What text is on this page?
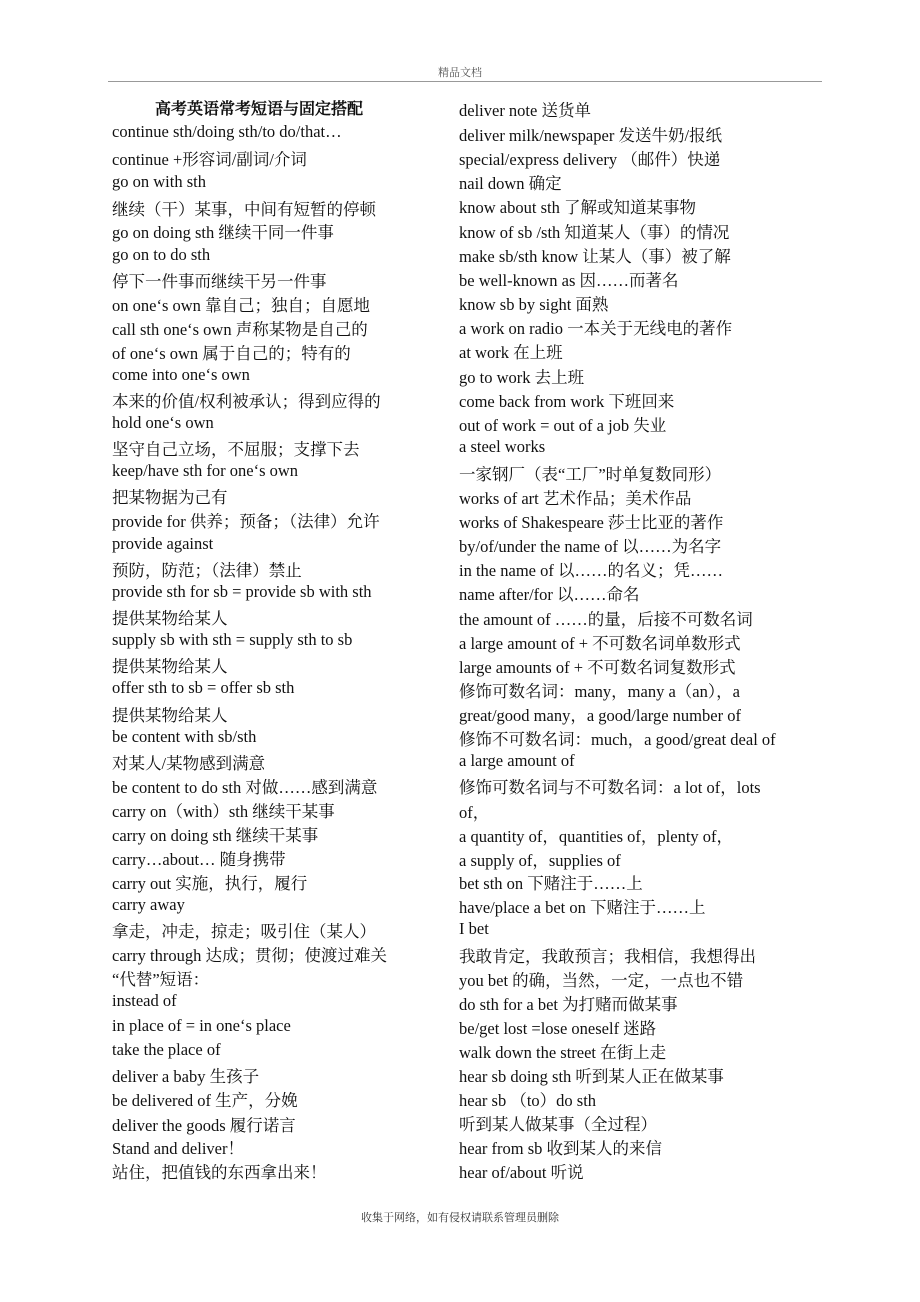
精品文档
高考英语常考短语与固定搭配
continue sth/doing sth/to do/that…
continue +形容词/副词/介词
go on with sth
继续（干）某事，中间有短暂的停顿
go on doing sth 继续干同一件事
go on to do sth
停下一件事而继续干另一件事
on one‘s own 靠自己；独自；自愿地
call sth one‘s own 声称某物是自己的
of one‘s own 属于自己的；特有的
come into one‘s own
本来的价值/权利被承认；得到应得的
hold one‘s own
坚守自己立场，不屈服；支撑下去
keep/have sth for one‘s own
把某物据为己有
provide for 供养；预备；（法律）允许
provide against
预防，防范；（法律）禁止
provide sth for sb = provide sb with sth
提供某物给某人
supply sb with sth = supply sth to sb
提供某物给某人
offer sth to sb = offer sb sth
提供某物给某人
be content with sb/sth
对某人/某物感到满意
be content to do sth 对做……感到满意
carry on（with）sth 继续干某事
carry on doing sth 继续干某事
carry…about… 随身携带
carry out 实施，执行，履行
carry away
拿走，冲走，掠走；吸引住（某人）
carry through 达成；贯彻；使渡过难关
“代替”短语：
instead of
in place of = in one‘s place
take the place of
deliver a baby 生孩子
be delivered of 生产，分娩
deliver the goods 履行诺言
Stand and deliver！
站住，把值钱的东西拿出来！
deliver note 送货单
deliver milk/newspaper 发送牛奶/报纸
special/express delivery （邮件）快递
nail down 确定
know about sth 了解或知道某事物
know of sb /sth 知道某人（事）的情况
make sb/sth know 让某人（事）被了解
be well-known as 因……而著名
know sb by sight 面熟
a work on radio 一本关于无线电的著作
at work 在上班
go to work 去上班
come back from work 下班回来
out of work = out of a job 失业
a steel works
一家钢厂（表“工厂”时单复数同形）
works of art 艺术作品；美术作品
works of Shakespeare 莎士比亚的著作
by/of/under the name of 以……为名字
in the name of 以……的名义；凭……
name after/for 以……命名
the amount of ……的量，后接不可数名词
a large amount of + 不可数名词单数形式
large amounts of + 不可数名词复数形式
修饰可数名词：many，many a（an），a
great/good many，a good/large number of
修饰不可数名词：much，a good/great deal of
a large amount of
修饰可数名词与不可数名词：a lot of，lots
of，
a quantity of，quantities of，plenty of，
a supply of，supplies of
bet sth on 下赌注于……上
have/place a bet on 下赌注于……上
I bet
我敢肯定，我敢预言；我相信，我想得出
you bet 的确，当然，一定，一点也不错
do sth for a bet 为打赌而做某事
be/get lost =lose oneself 迷路
walk down the street 在街上走
hear sb doing sth 听到某人正在做某事
hear sb （to）do sth
听到某人做某事（全过程）
hear from sb 收到某人的来信
hear of/about 听说
收集于网络，如有侵权请联系管理员删除
